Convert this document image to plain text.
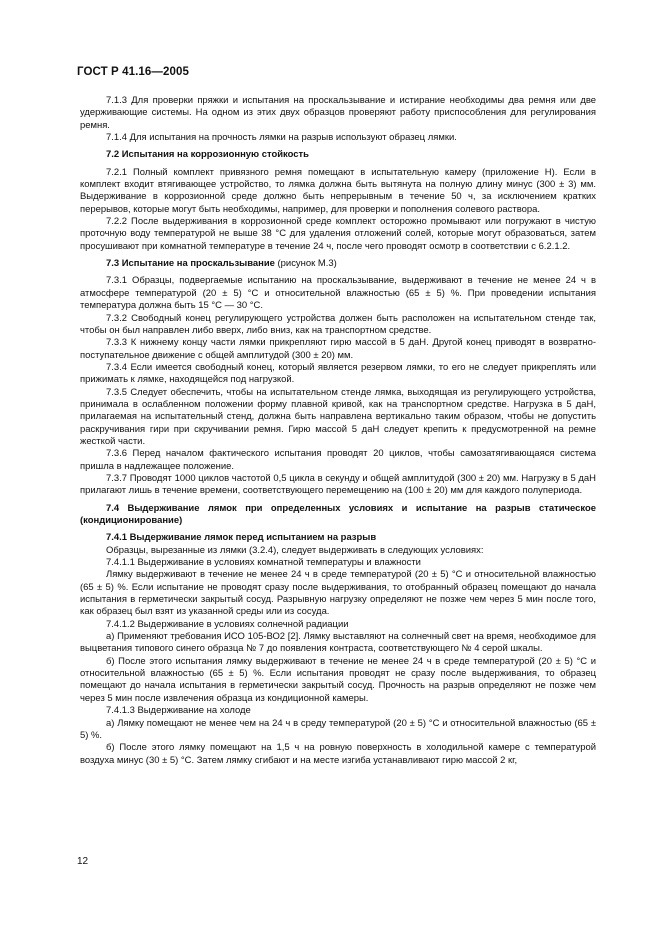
ГОСТ Р 41.16—2005

7.1.3 Для проверки пряжки и испытания на проскальзывание и истирание необходимы два ремня или две удерживающие системы. На одном из этих двух образцов проверяют работу приспособления для регулирования ремня.

7.1.4 Для испытания на прочность лямки на разрыв используют образец лямки.

7.2 Испытания на коррозионную стойкость

7.2.1 Полный комплект привязного ремня помещают в испытательную камеру (приложение Н). Если в комплект входит втягивающее устройство, то лямка должна быть вытянута на полную длину минус (300 ± 3) мм. Выдерживание в коррозионной среде должно быть непрерывным в течение 50 ч, за исключением кратких перерывов, которые могут быть необходимы, например, для проверки и пополнения солевого раствора.

7.2.2 После выдерживания в коррозионной среде комплект осторожно промывают или погружают в чистую проточную воду температурой не выше 38 °С для удаления отложений солей, которые могут образоваться, затем просушивают при комнатной температуре в течение 24 ч, после чего проводят осмотр в соответствии с 6.2.1.2.

7.3 Испытание на проскальзывание (рисунок М.3)

7.3.1 Образцы, подвергаемые испытанию на проскальзывание, выдерживают в течение не менее 24 ч в атмосфере температурой (20 ± 5) °С и относительной влажностью (65 ± 5) %. При проведении испытания температура должна быть 15 °С — 30 °С.

7.3.2 Свободный конец регулирующего устройства должен быть расположен на испытательном стенде так, чтобы он был направлен либо вверх, либо вниз, как на транспортном средстве.

7.3.3 К нижнему концу части лямки прикрепляют гирю массой в 5 даН. Другой конец приводят в возвратно-поступательное движение с общей амплитудой (300 ± 20) мм.

7.3.4 Если имеется свободный конец, который является резервом лямки, то его не следует прикреплять или прижимать к лямке, находящейся под нагрузкой.

7.3.5 Следует обеспечить, чтобы на испытательном стенде лямка, выходящая из регулирующего устройства, принимала в ослабленном положении форму плавной кривой, как на транспортном средстве. Нагрузка в 5 даН, прилагаемая на испытательный стенд, должна быть направлена вертикально таким образом, чтобы не допустить раскручивания гири при скручивании ремня. Гирю массой 5 даН следует крепить к предусмотренной на ремне жесткой части.

7.3.6 Перед началом фактического испытания проводят 20 циклов, чтобы самозатягивающаяся система пришла в надлежащее положение.

7.3.7 Проводят 1000 циклов частотой 0,5 цикла в секунду и общей амплитудой (300 ± 20) мм. Нагрузку в 5 даН прилагают лишь в течение времени, соответствующего перемещению на (100 ± 20) мм для каждого полупериода.

7.4 Выдерживание лямок при определенных условиях и испытание на разрыв статическое (кондиционирование)

7.4.1 Выдерживание лямок перед испытанием на разрыв

Образцы, вырезанные из лямки (3.2.4), следует выдерживать в следующих условиях:

7.4.1.1 Выдерживание в условиях комнатной температуры и влажности

Лямку выдерживают в течение не менее 24 ч в среде температурой (20 ± 5) °С и относительной влажностью (65 ± 5) %. Если испытание не проводят сразу после выдерживания, то отобранный образец помещают до начала испытания в герметически закрытый сосуд. Разрывную нагрузку определяют не позже чем через 5 мин после того, как образец был взят из указанной среды или из сосуда.

7.4.1.2 Выдерживание в условиях солнечной радиации

а) Применяют требования ИСО 105-ВО2 [2]. Лямку выставляют на солнечный свет на время, необходимое для выцветания типового синего образца № 7 до появления контраста, соответствующего № 4 серой шкалы.

б) После этого испытания лямку выдерживают в течение не менее 24 ч в среде температурой (20 ± 5) °С и относительной влажностью (65 ± 5) %. Если испытания проводят не сразу после выдерживания, то образец помещают до начала испытания в герметически закрытый сосуд. Прочность на разрыв определяют не позже чем через 5 мин после извлечения образца из кондиционной камеры.

7.4.1.3 Выдерживание на холоде

а) Лямку помещают не менее чем на 24 ч в среду температурой (20 ± 5) °С и относительной влажностью (65 ± 5) %.

б) После этого лямку помещают на 1,5 ч на ровную поверхность в холодильной камере с температурой воздуха минус (30 ± 5) °С. Затем лямку сгибают и на месте изгиба устанавливают гирю массой 2 кг,

12
